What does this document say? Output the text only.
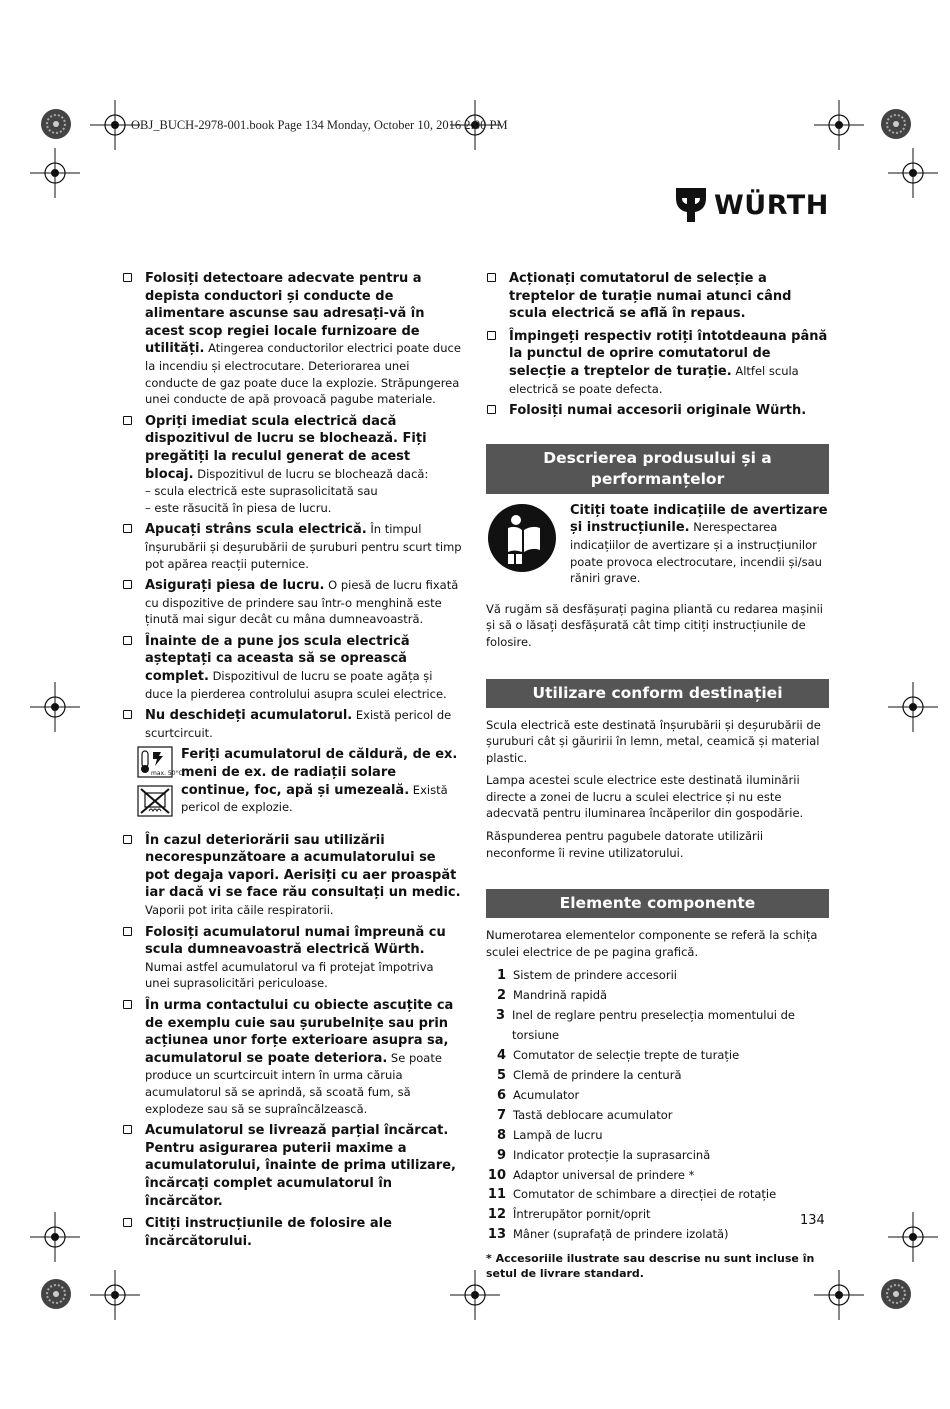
OBJ_BUCH-2978-001.book Page 134 Monday, October 10, 2016 2:00 PM
WÜRTH
Folosiți detectoare adecvate pentru a depista conductori și conducte de alimentare ascunse sau adresați-vă în acest scop regiei locale furnizoare de utilități. Atingerea conductorilor electrici poate duce la incendiu și electrocutare. Deteriorarea unei conducte de gaz poate duce la explozie. Străpungerea unei conducte de apă provoacă pagube materiale.
Opriți imediat scula electrică dacă dispozitivul de lucru se blochează. Fiți pregătiți la reculul generat de acest blocaj. Dispozitivul de lucru se blochează dacă:
– scula electrică este suprasolicitată sau
– este răsucită în piesa de lucru.
Apucați strâns scula electrică. În timpul înșurubării și deșurubării de șuruburi pentru scurt timp pot apărea reacții puternice.
Asigurați piesa de lucru. O piesă de lucru fixată cu dispozitive de prindere sau într-o menghină este ținută mai sigur decât cu mâna dumneavoastră.
Înainte de a pune jos scula electrică așteptați ca aceasta să se oprească complet. Dispozitivul de lucru se poate agăța și duce la pierderea controlului asupra sculei electrice.
Nu deschideți acumulatorul. Există pericol de scurtcircuit.
max. 50°C

Feriți acumulatorul de căldură, de ex. meni de ex. de radiații solare continue, foc, apă și umezeală. Există pericol de explozie.
În cazul deteriorării sau utilizării necorespunzătoare a acumulatorului se pot degaja vapori. Aerisiți cu aer proaspăt iar dacă vi se face rău consultați un medic. Vaporii pot irita căile respiratorii.
Folosiți acumulatorul numai împreună cu scula dumneavoastră electrică Würth. Numai astfel acumulatorul va fi protejat împotriva unei suprasolicitări periculoase.
În urma contactului cu obiecte ascuțite ca de exemplu cuie sau șurubelnițe sau prin acțiunea unor forțe exterioare asupra sa, acumulatorul se poate deteriora. Se poate produce un scurtcircuit intern în urma căruia acumulatorul să se aprindă, să scoată fum, să explodeze sau să se supraîncălzească.
Acumulatorul se livrează parțial încărcat. Pentru asigurarea puterii maxime a acumulatorului, înainte de prima utilizare, încărcați complet acumulatorul în încărcător.
Citiți instrucțiunile de folosire ale încărcătorului.
Acționați comutatorul de selecție a treptelor de turație numai atunci când scula electrică se află în repaus.
Împingeți respectiv rotiți întotdeauna până la punctul de oprire comutatorul de selecție a treptelor de turație. Altfel scula electrică se poate defecta.
Folosiți numai accesorii originale Würth.
Descrierea produsului și a performanțelor
Citiți toate indicațiile de avertizare și instrucțiunile. Nerespectarea indicațiilor de avertizare și a instrucțiunilor poate provoca electrocutare, incendii și/sau răniri grave.

Vă rugăm să desfășurați pagina pliantă cu redarea mașinii și să o lăsați desfășurată cât timp citiți instrucțiunile de folosire.

Utilizare conform destinației

Scula electrică este destinată înșurubării și deșurubării de șuruburi cât și găuririi în lemn, metal, ceamică și material plastic.

Lampa acestei scule electrice este destinată iluminării directe a zonei de lucru a sculei electrice și nu este adecvată pentru iluminarea încăperilor din gospodărie.

Răspunderea pentru pagubele datorate utilizării neconforme îi revine utilizatorului.

Elemente componente

Numerotarea elementelor componente se referă la schița sculei electrice de pe pagina grafică.

1 Sistem de prindere accesorii
2 Mandrină rapidă
3 Inel de reglare pentru preselecția momentului de torsiune
4 Comutator de selecție trepte de turație
5 Clemă de prindere la centură
6 Acumulator
7 Tastă deblocare acumulator
8 Lampă de lucru
9 Indicator protecție la suprasarcină
10 Adaptor universal de prindere *
11 Comutator de schimbare a direcției de rotație
12 Întrerupător pornit/oprit
13 Mâner (suprafață de prindere izolată)
* Accesoriile ilustrate sau descrise nu sunt incluse în setul de livrare standard.
134
